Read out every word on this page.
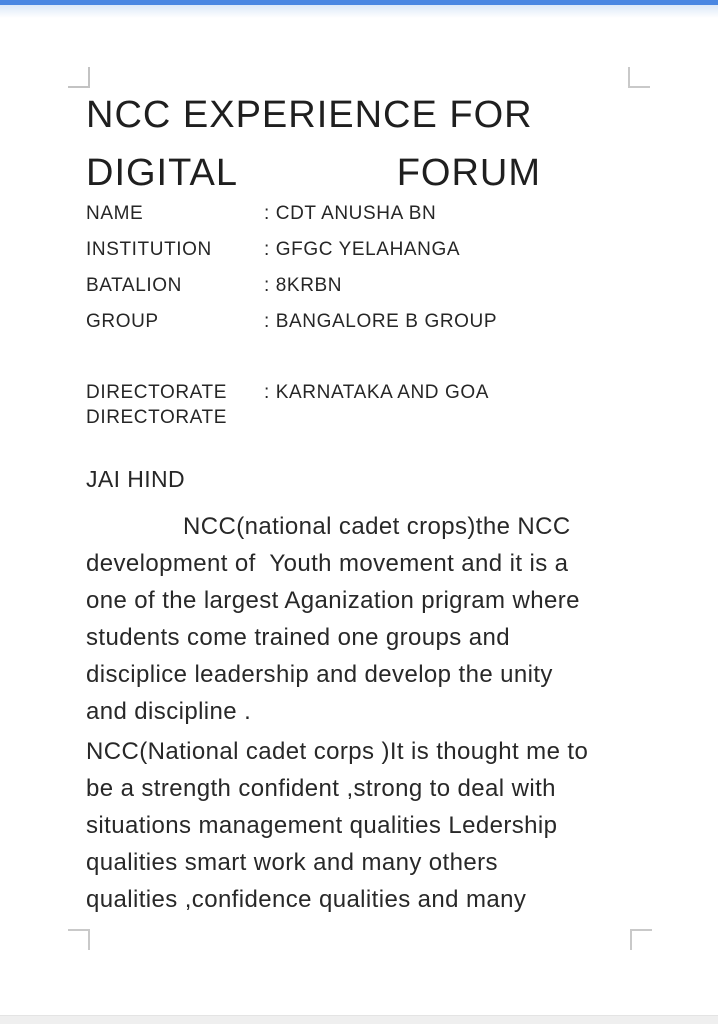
NCC EXPERIENCE FOR
DIGITAL	FORUM
NAME	: CDT ANUSHA BN
INSTITUTION	: GFGC YELAHANGA
BATALION	: 8KRBN
GROUP	: BANGALORE B GROUP
DIRECTORATE	: KARNATAKA AND GOA
DIRECTORATE
JAI HIND
NCC(national cadet crops)the NCC
development of  Youth movement and it is a
one of the largest Aganization prigram where
students come trained one groups and
disciplice leadership and develop the unity
and discipline .
NCC(National cadet corps )It is thought me to
be a strength confident ,strong to deal with
situations management qualities Ledership
qualities smart work and many others
qualities ,confidence qualities and many
